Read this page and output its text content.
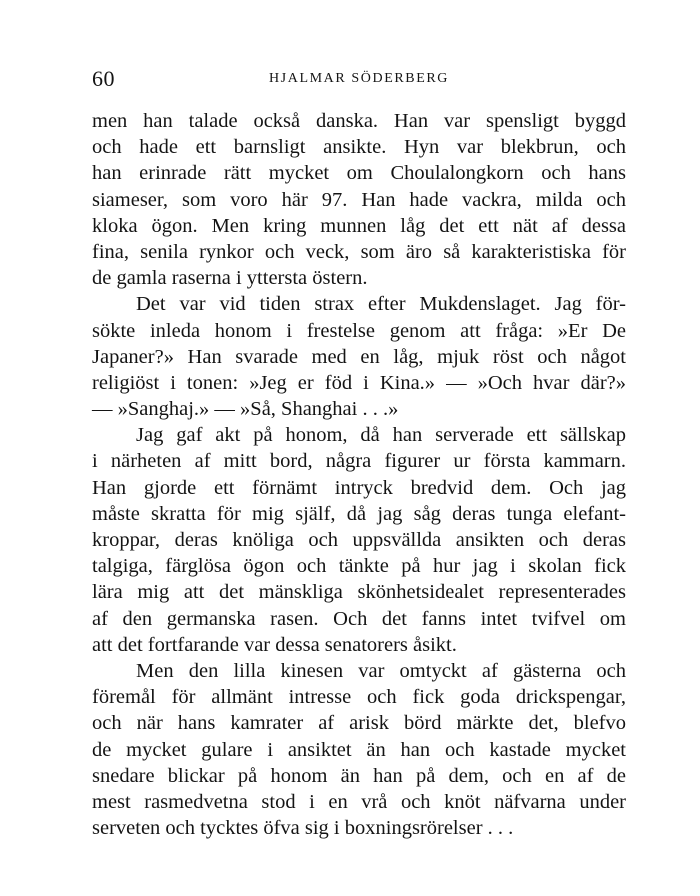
60	HJALMAR SÖDERBERG
men han talade också danska. Han var spensligt byggd
och hade ett barnsligt ansikte. Hyn var blekbrun, och
han erinrade rätt mycket om Choulalongkorn och hans
siameser, som voro här 97. Han hade vackra, milda och
kloka ögon. Men kring munnen låg det ett nät af dessa
fina, senila rynkor och veck, som äro så karakteristiska för
de gamla raserna i yttersta östern.
Det var vid tiden strax efter Mukdenslaget. Jag för-
sökte inleda honom i frestelse genom att fråga: »Er De
Japaner?» Han svarade med en låg, mjuk röst och något
religiöst i tonen: »Jeg er föd i Kina.» — »Och hvar där?»
— »Sanghaj.» — »Så, Shanghai . . .»
Jag gaf akt på honom, då han serverade ett sällskap
i närheten af mitt bord, några figurer ur första kammarn.
Han gjorde ett förnämt intryck bredvid dem. Och jag
måste skratta för mig själf, då jag såg deras tunga elefant-
kroppar, deras knöliga och uppsvällda ansikten och deras
talgiga, färglösa ögon och tänkte på hur jag i skolan fick
lära mig att det mänskliga skönhetsidealet representerades
af den germanska rasen. Och det fanns intet tvifvel om
att det fortfarande var dessa senatorers åsikt.
Men den lilla kinesen var omtyckt af gästerna och
föremål för allmänt intresse och fick goda drickspengar,
och när hans kamrater af arisk börd märkte det, blefvo
de mycket gulare i ansiktet än han och kastade mycket
snedare blickar på honom än han på dem, och en af de
mest rasmedvetna stod i en vrå och knöt näfvarna under
serveten och tycktes öfva sig i boxningsrörelser . . .
